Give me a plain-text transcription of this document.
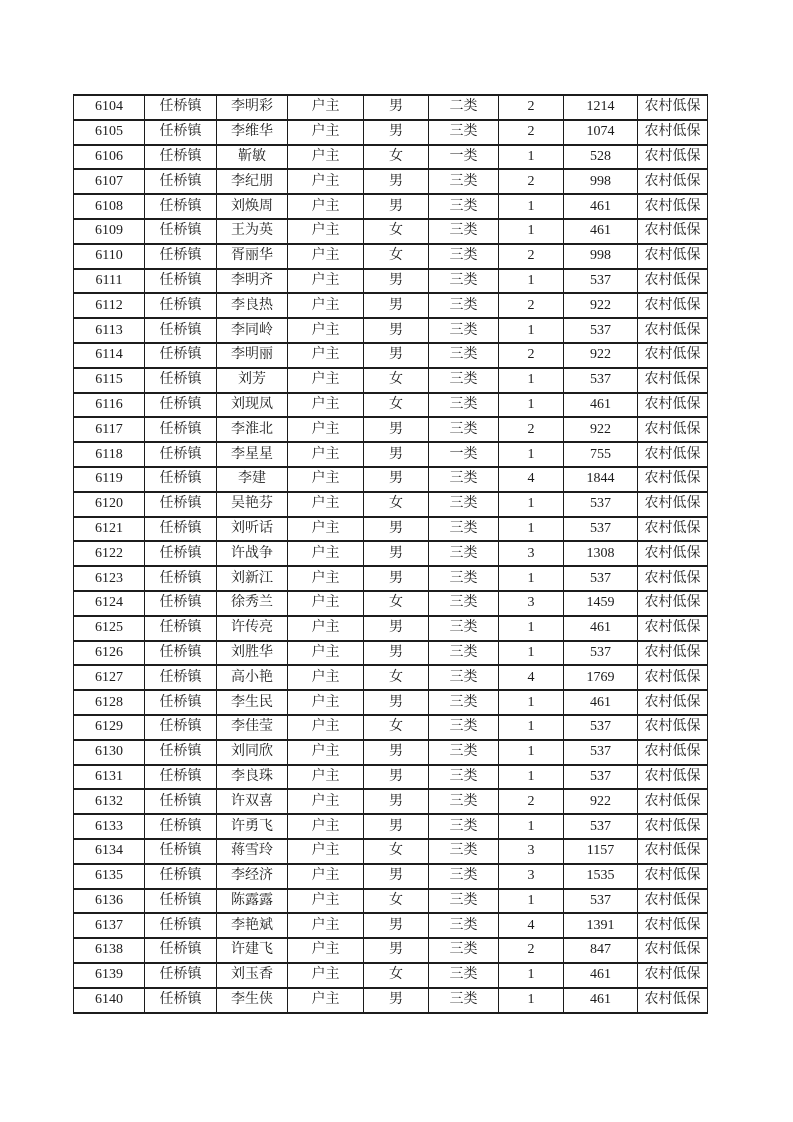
6104	任桥镇	李明彩	户主	男	二类	2	1214	农村低保
6105	任桥镇	李维华	户主	男	三类	2	1074	农村低保
6106	任桥镇	靳敏	户主	女	一类	1	528	农村低保
6107	任桥镇	李纪朋	户主	男	三类	2	998	农村低保
6108	任桥镇	刘焕周	户主	男	三类	1	461	农村低保
6109	任桥镇	王为英	户主	女	三类	1	461	农村低保
6110	任桥镇	胥丽华	户主	女	三类	2	998	农村低保
6111	任桥镇	李明齐	户主	男	三类	1	537	农村低保
6112	任桥镇	李良热	户主	男	三类	2	922	农村低保
6113	任桥镇	李同岭	户主	男	三类	1	537	农村低保
6114	任桥镇	李明丽	户主	男	三类	2	922	农村低保
6115	任桥镇	刘芳	户主	女	三类	1	537	农村低保
6116	任桥镇	刘现凤	户主	女	三类	1	461	农村低保
6117	任桥镇	李淮北	户主	男	三类	2	922	农村低保
6118	任桥镇	李星星	户主	男	一类	1	755	农村低保
6119	任桥镇	李建	户主	男	三类	4	1844	农村低保
6120	任桥镇	吴艳芬	户主	女	三类	1	537	农村低保
6121	任桥镇	刘听话	户主	男	三类	1	537	农村低保
6122	任桥镇	许战争	户主	男	三类	3	1308	农村低保
6123	任桥镇	刘新江	户主	男	三类	1	537	农村低保
6124	任桥镇	徐秀兰	户主	女	三类	3	1459	农村低保
6125	任桥镇	许传亮	户主	男	三类	1	461	农村低保
6126	任桥镇	刘胜华	户主	男	三类	1	537	农村低保
6127	任桥镇	高小艳	户主	女	三类	4	1769	农村低保
6128	任桥镇	李生民	户主	男	三类	1	461	农村低保
6129	任桥镇	李佳莹	户主	女	三类	1	537	农村低保
6130	任桥镇	刘同欣	户主	男	三类	1	537	农村低保
6131	任桥镇	李良珠	户主	男	三类	1	537	农村低保
6132	任桥镇	许双喜	户主	男	三类	2	922	农村低保
6133	任桥镇	许勇飞	户主	男	三类	1	537	农村低保
6134	任桥镇	蒋雪玲	户主	女	三类	3	1157	农村低保
6135	任桥镇	李经济	户主	男	三类	3	1535	农村低保
6136	任桥镇	陈露露	户主	女	三类	1	537	农村低保
6137	任桥镇	李艳斌	户主	男	三类	4	1391	农村低保
6138	任桥镇	许建飞	户主	男	三类	2	847	农村低保
6139	任桥镇	刘玉香	户主	女	三类	1	461	农村低保
6140	任桥镇	李生侠	户主	男	三类	1	461	农村低保
